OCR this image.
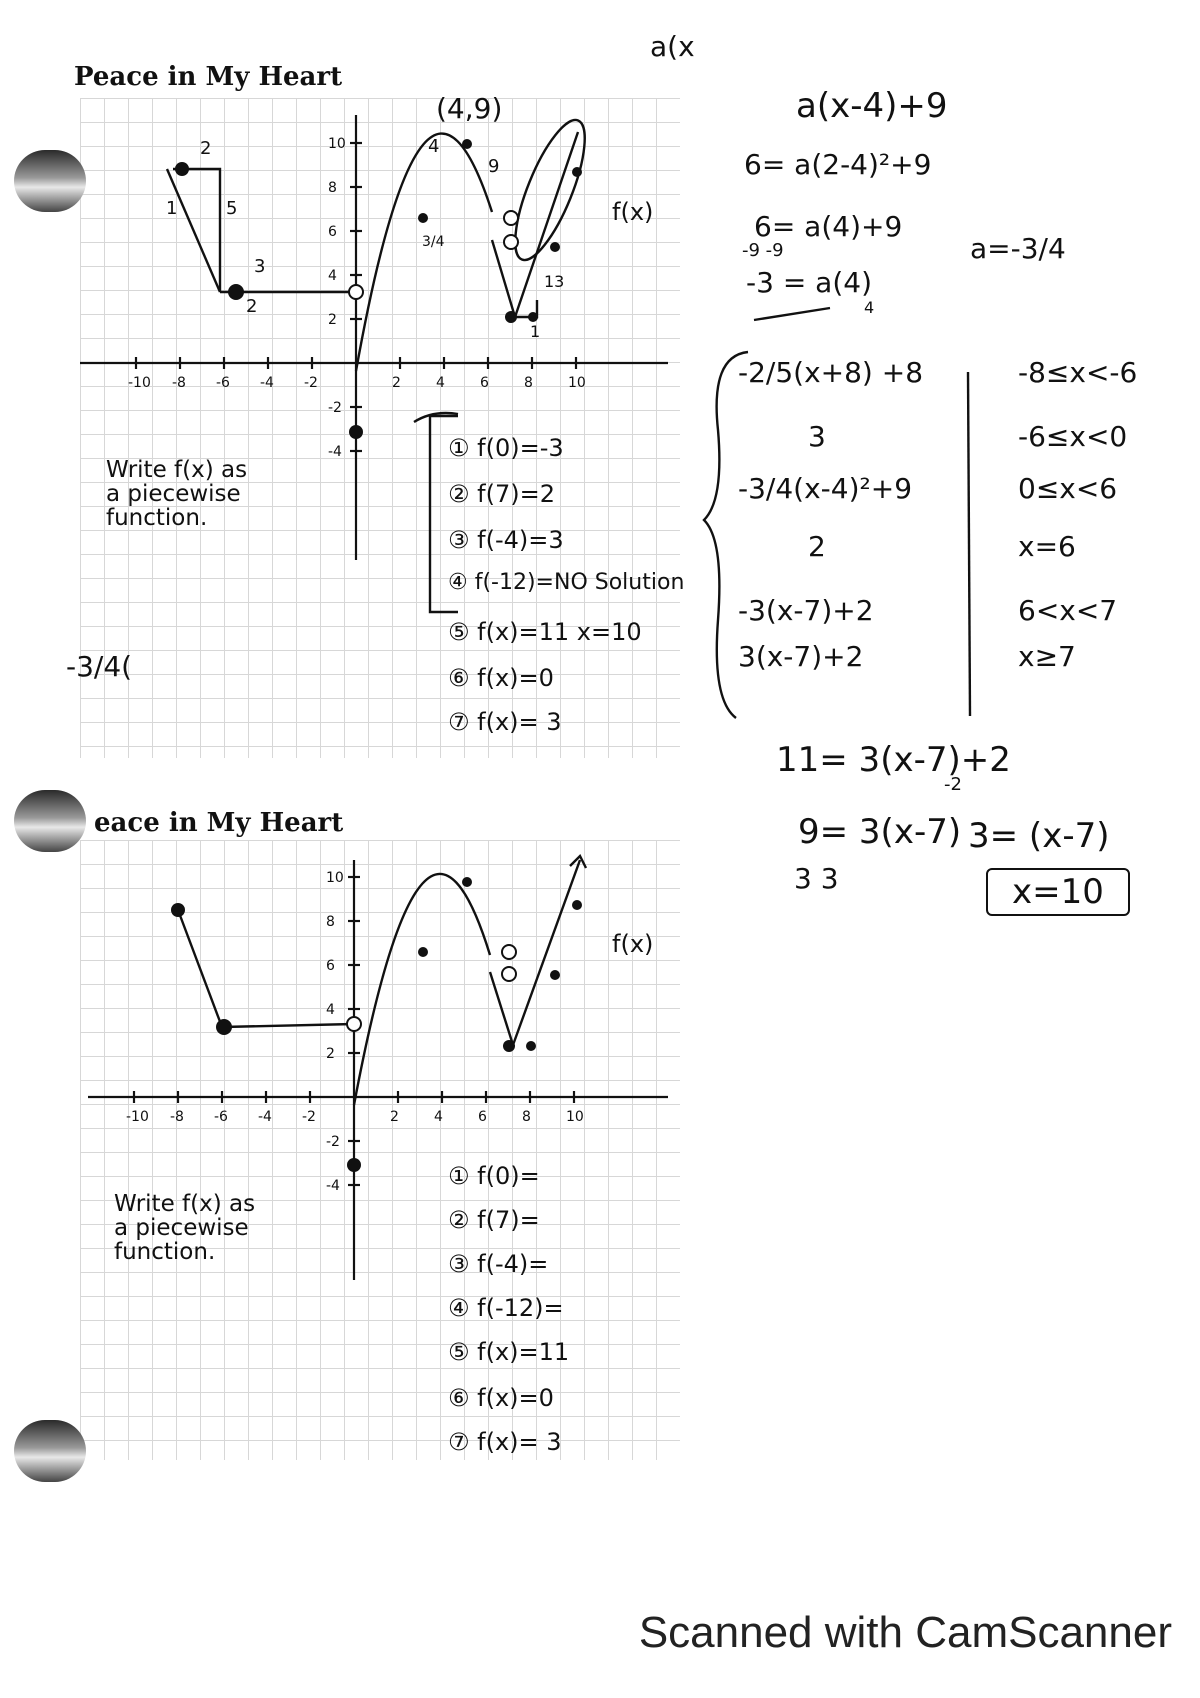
Peace in My Heart
-10 -8 -6 -4 -2	2	4	6	8	10
10
8
6
4
2
-2
-4
f(x)
(4,9)
2
1	5
3
2
4
9
3/4
13
1
Write f(x) as
a piecewise
function.
① f(0)=-3
② f(7)=2
③ f(-4)=3
④ f(-12)=NO Solution
⑤ f(x)=11 x=10
⑥ f(x)=0
⑦ f(x)= 3
-3/4(
a(x
a(x-4)+9
6= a(2-4)²+9
6= a(4)+9
-9 -9
-3 = a(4)
4
a=-3/4
-2/5(x+8) +8	-8≤x<-6
3	-6≤x<0
-3/4(x-4)²+9	0≤x<6
2	x=6
-3(x-7)+2	6<x<7
3(x-7)+2	x≥7
11= 3(x-7)+2
-2
9= 3(x-7)
3 3
3= (x-7)
x=10
eace in My Heart
-10 -8 -6 -4 -2	2	4	6	8	10
10
8
6
4
2
-2
-4
f(x)
Write f(x) as
a piecewise
function.
① f(0)=
② f(7)=
③ f(-4)=
④ f(-12)=
⑤ f(x)=11
⑥ f(x)=0
⑦ f(x)= 3
Scanned with CamScanner
